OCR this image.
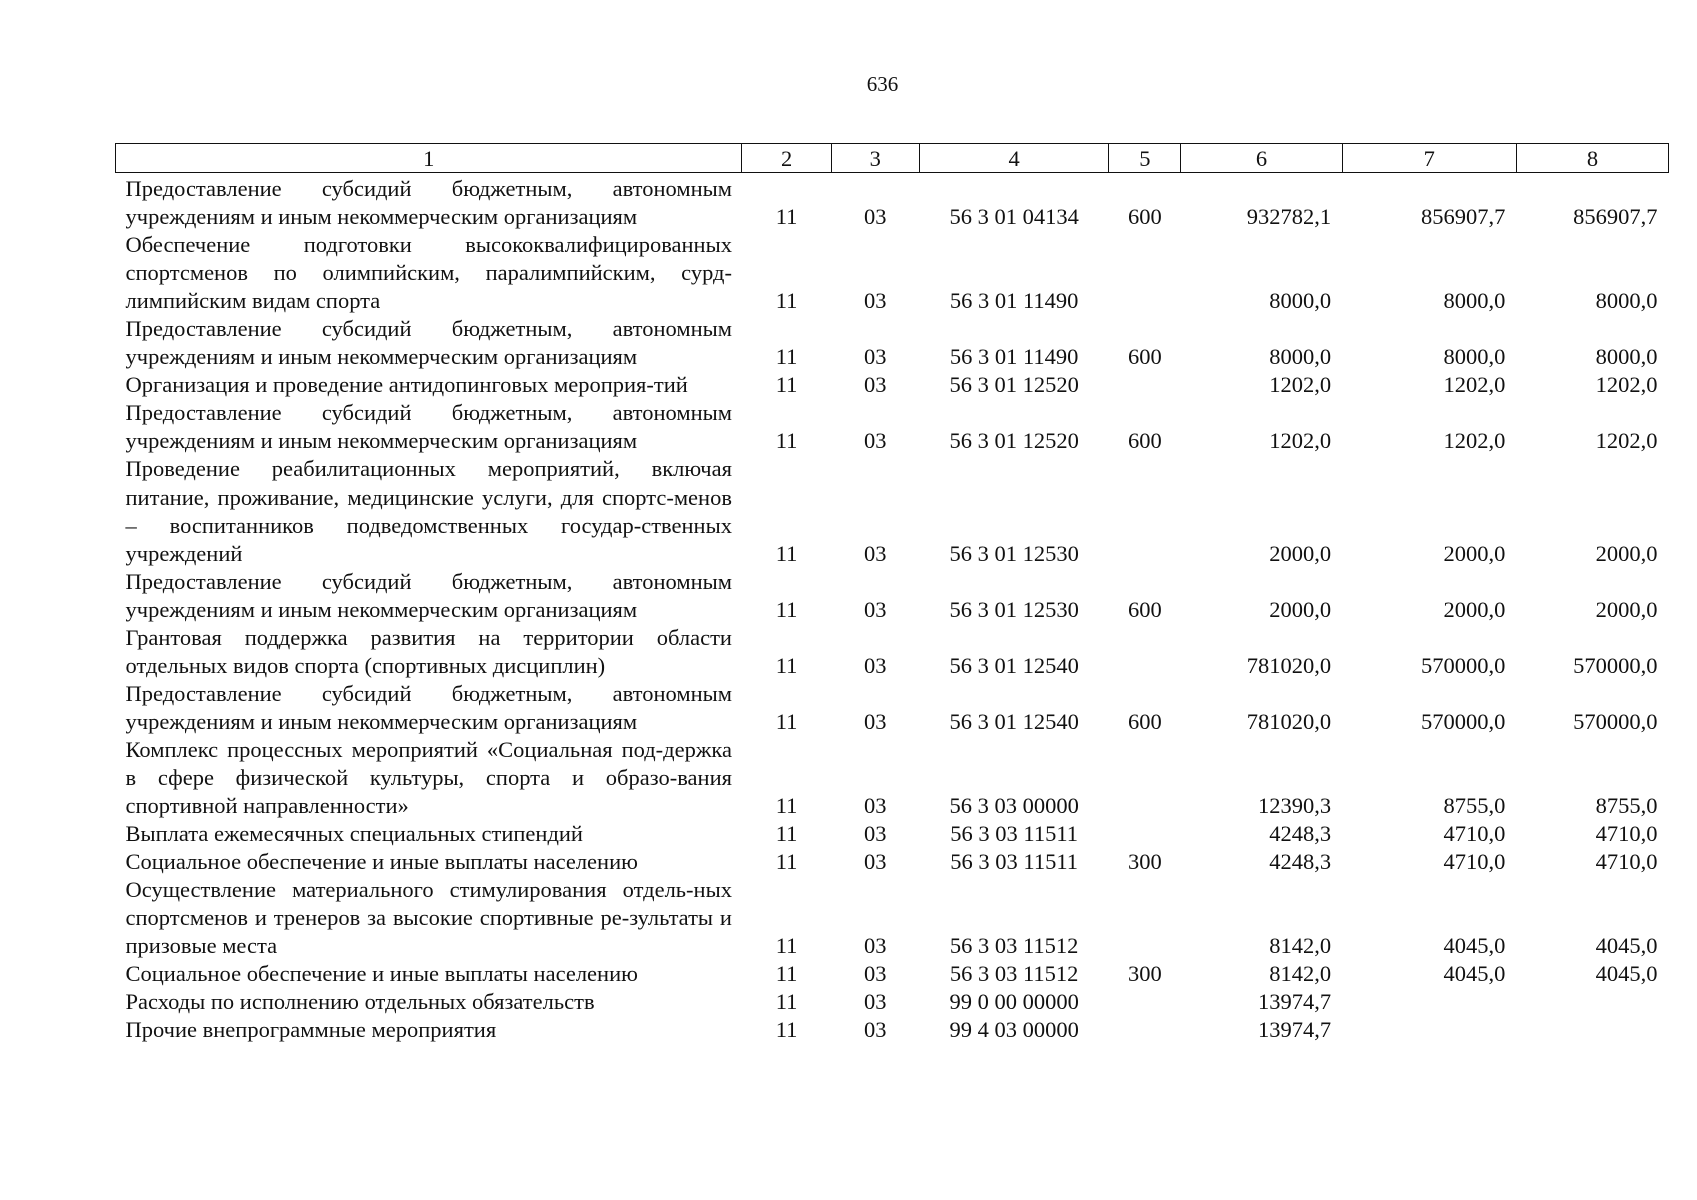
636
1	2	3	4	5	6	7	8
Предоставление субсидий бюджетным, автономным учреждениям и иным некоммерческим организациям	11	03	56 3 01 04134	600	932782,1	856907,7	856907,7
Обеспечение подготовки высококвалифицированных спортсменов по олимпийским, паралимпийским, сурд-лимпийским видам спорта	11	03	56 3 01 11490		8000,0	8000,0	8000,0
Предоставление субсидий бюджетным, автономным учреждениям и иным некоммерческим организациям	11	03	56 3 01 11490	600	8000,0	8000,0	8000,0
Организация и проведение антидопинговых мероприя-тий	11	03	56 3 01 12520		1202,0	1202,0	1202,0
Предоставление субсидий бюджетным, автономным учреждениям и иным некоммерческим организациям	11	03	56 3 01 12520	600	1202,0	1202,0	1202,0
Проведение реабилитационных мероприятий, включая питание, проживание, медицинские услуги, для спортс-менов – воспитанников подведомственных государ-ственных учреждений	11	03	56 3 01 12530		2000,0	2000,0	2000,0
Предоставление субсидий бюджетным, автономным учреждениям и иным некоммерческим организациям	11	03	56 3 01 12530	600	2000,0	2000,0	2000,0
Грантовая поддержка развития на территории области отдельных видов спорта (спортивных дисциплин)	11	03	56 3 01 12540		781020,0	570000,0	570000,0
Предоставление субсидий бюджетным, автономным учреждениям и иным некоммерческим организациям	11	03	56 3 01 12540	600	781020,0	570000,0	570000,0
Комплекс процессных мероприятий «Социальная под-держка в сфере физической культуры, спорта и образо-вания спортивной направленности»	11	03	56 3 03 00000		12390,3	8755,0	8755,0
Выплата ежемесячных специальных стипендий	11	03	56 3 03 11511		4248,3	4710,0	4710,0
Социальное обеспечение и иные выплаты населению	11	03	56 3 03 11511	300	4248,3	4710,0	4710,0
Осуществление материального стимулирования отдель-ных спортсменов и тренеров за высокие спортивные ре-зультаты и призовые места	11	03	56 3 03 11512		8142,0	4045,0	4045,0
Социальное обеспечение и иные выплаты населению	11	03	56 3 03 11512	300	8142,0	4045,0	4045,0
Расходы по исполнению отдельных обязательств	11	03	99 0 00 00000		13974,7		
Прочие внепрограммные мероприятия	11	03	99 4 03 00000		13974,7		
